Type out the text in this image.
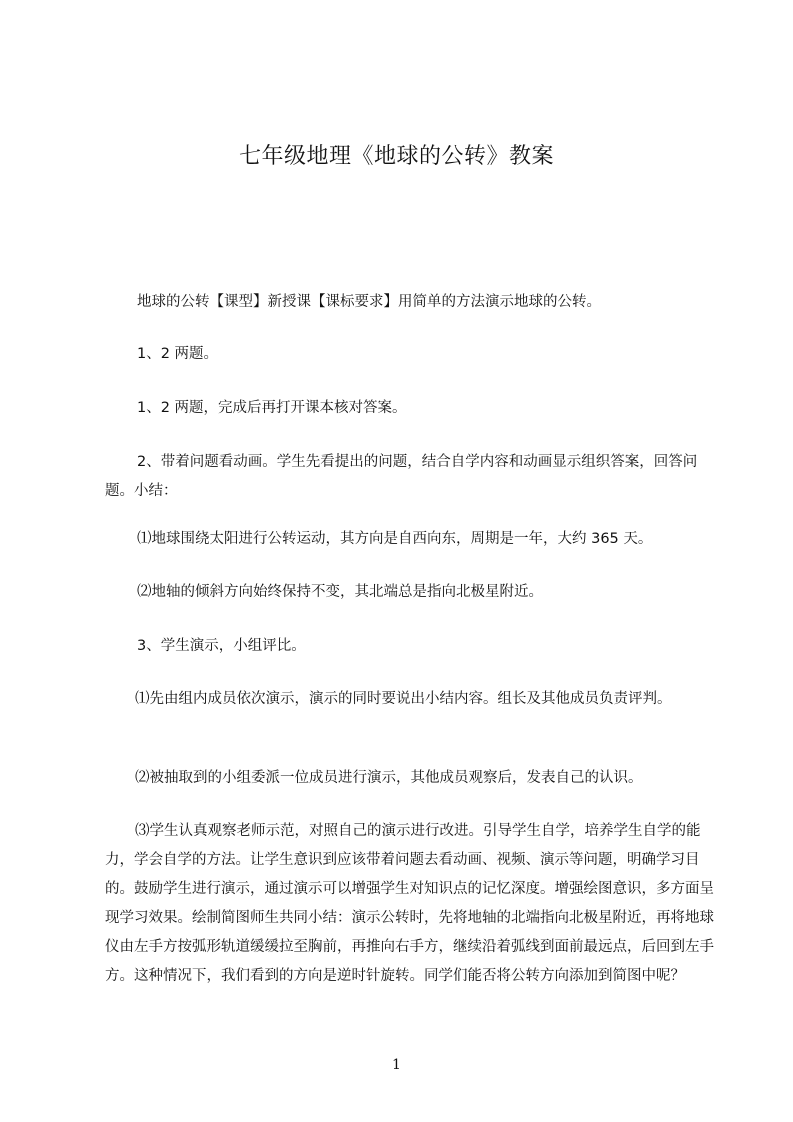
七年级地理《地球的公转》教案

地球的公转【课型】新授课【课标要求】用简单的方法演示地球的公转。

1、2 两题。

1、2 两题，完成后再打开课本核对答案。

2、带着问题看动画。学生先看提出的问题，结合自学内容和动画显示组织答案，回答问题。小结：

⑴地球围绕太阳进行公转运动，其方向是自西向东，周期是一年，大约 365 天。

⑵地轴的倾斜方向始终保持不变，其北端总是指向北极星附近。

3、学生演示，小组评比。

⑴先由组内成员依次演示，演示的同时要说出小结内容。组长及其他成员负责评判。

⑵被抽取到的小组委派一位成员进行演示，其他成员观察后，发表自己的认识。

⑶学生认真观察老师示范，对照自己的演示进行改进。引导学生自学，培养学生自学的能力，学会自学的方法。让学生意识到应该带着问题去看动画、视频、演示等问题，明确学习目的。鼓励学生进行演示，通过演示可以增强学生对知识点的记忆深度。增强绘图意识，多方面呈现学习效果。绘制简图师生共同小结：演示公转时，先将地轴的北端指向北极星附近，再将地球仪由左手方按弧形轨道缓缓拉至胸前，再推向右手方，继续沿着弧线到面前最远点，后回到左手方。这种情况下，我们看到的方向是逆时针旋转。同学们能否将公转方向添加到简图中呢？

1
